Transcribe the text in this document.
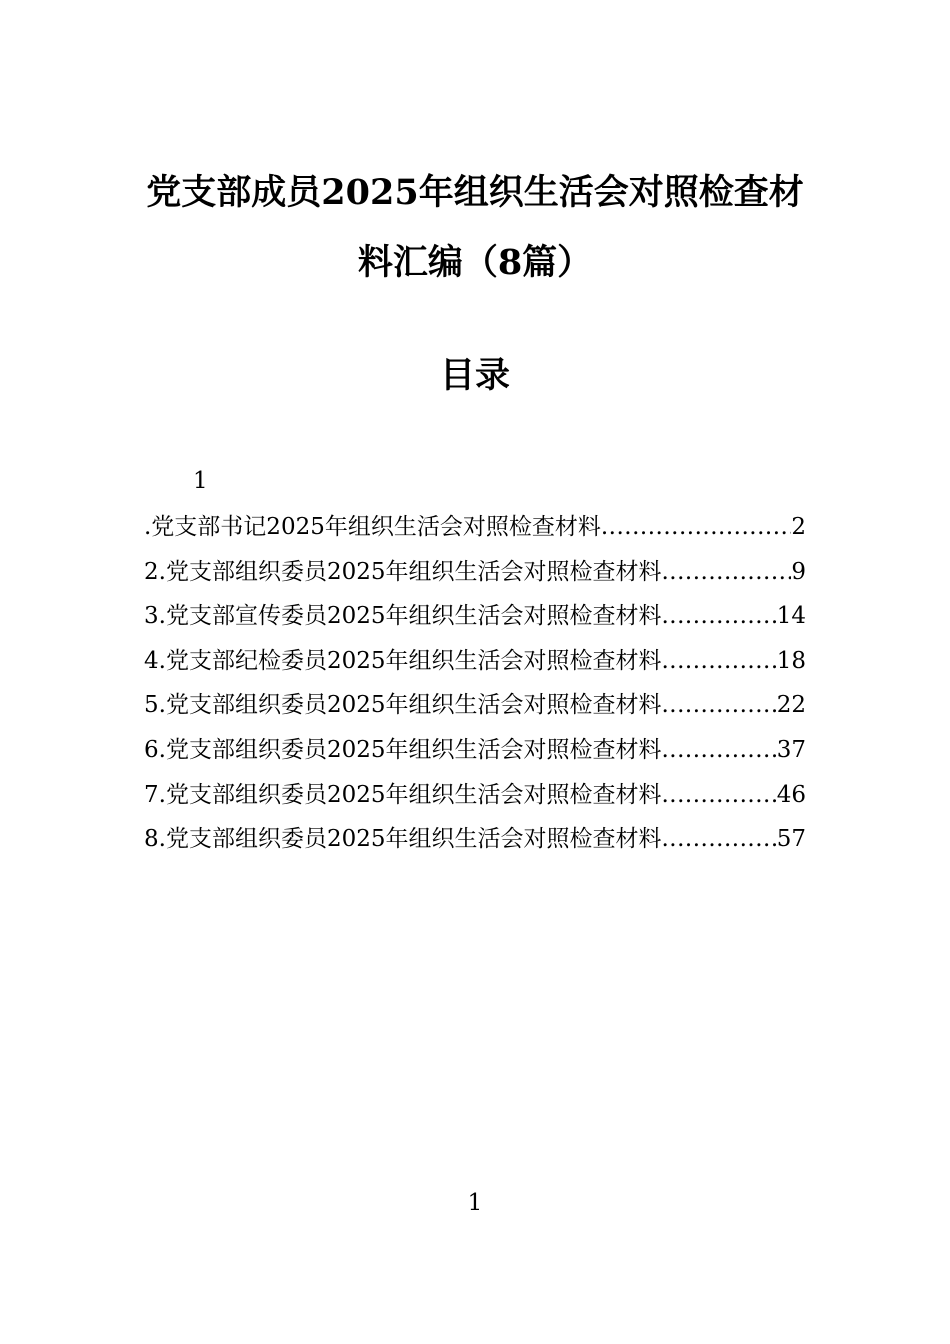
党支部成员2025年组织生活会对照检查材料汇编（8篇）
目录
1
.党支部书记2025年组织生活会对照检查材料 .....	2
2.党支部组织委员2025年组织生活会对照检查材料 .....	9
3.党支部宣传委员2025年组织生活会对照检查材料 .....	14
4.党支部纪检委员2025年组织生活会对照检查材料 .....	18
5.党支部组织委员2025年组织生活会对照检查材料 .....	22
6.党支部组织委员2025年组织生活会对照检查材料 .....	37
7.党支部组织委员2025年组织生活会对照检查材料 .....	46
8.党支部组织委员2025年组织生活会对照检查材料 .....	57
1
